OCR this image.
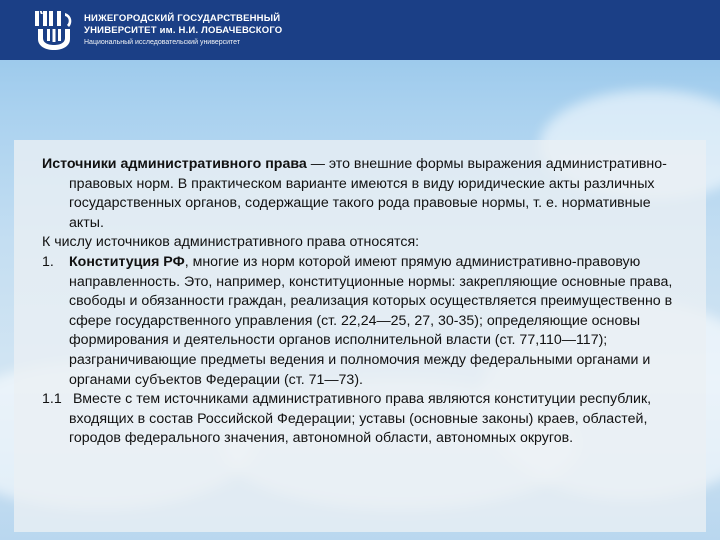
НИЖЕГОРОДСКИЙ ГОСУДАРСТВЕННЫЙ
УНИВЕРСИТЕТ им. Н.И. ЛОБАЧЕВСКОГО
Национальный исследовательский университет

Источники административного права — это внешние формы выражения административно-правовых норм. В практическом варианте имеются в виду юридические акты различных государственных органов, содержащие такого рода правовые нормы, т. е. нормативные акты.

К числу источников административного права относятся:

1. Конституция РФ, многие из норм которой имеют прямую административно-правовую направленность. Это, например, конституционные нормы: закрепляющие основные права, свободы и обязанности граждан, реализация которых осуществляется преимущественно в сфере государственного управления (ст. 22,24—25, 27, 30-35); определяющие основы формирования и деятельности органов исполнительной власти (ст. 77,110—117); разграничивающие предметы ведения и полномочия между федеральными органами и органами субъектов Федерации (ст. 71—73).

1.1 Вместе с тем источниками административного права являются конституции республик, входящих в состав Российской Федерации; уставы (основные законы) краев, областей, городов федерального значения, автономной области, автономных округов.
